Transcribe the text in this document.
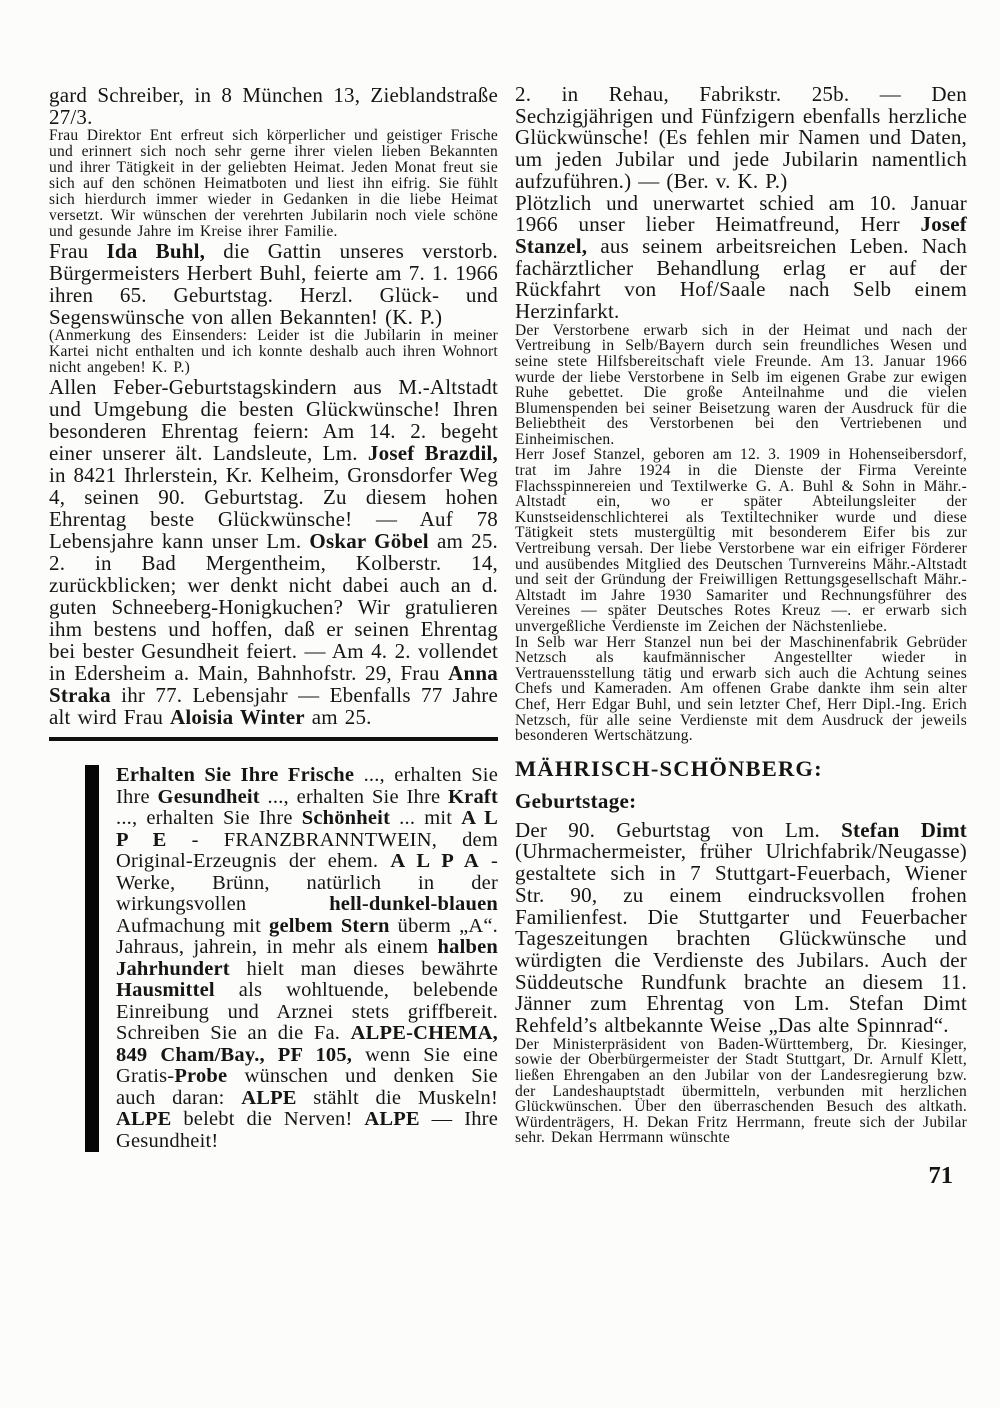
gard Schreiber, in 8 München 13, Zieblandstraße 27/3.

Frau Direktor Ent erfreut sich körperlicher und geistiger Frische und erinnert sich noch sehr gerne ihrer vielen lieben Bekannten und ihrer Tätigkeit in der geliebten Heimat. Jeden Monat freut sie sich auf den schönen Heimatboten und liest ihn eifrig. Sie fühlt sich hierdurch immer wieder in Gedanken in die liebe Heimat versetzt. Wir wünschen der verehrten Jubilarin noch viele schöne und gesunde Jahre im Kreise ihrer Familie.

Frau Ida Buhl, die Gattin unseres verstorb. Bürgermeisters Herbert Buhl, feierte am 7. 1. 1966 ihren 65. Geburtstag. Herzl. Glück- und Segenswünsche von allen Bekannten! (K. P.)

(Anmerkung des Einsenders: Leider ist die Jubilarin in meiner Kartei nicht enthalten und ich konnte deshalb auch ihren Wohnort nicht angeben! K. P.)

Allen Feber-Geburtstagskindern aus M.-Altstadt und Umgebung die besten Glückwünsche! Ihren besonderen Ehrentag feiern: Am 14. 2. begeht einer unserer ält. Landsleute, Lm. Josef Brazdil, in 8421 Ihrlerstein, Kr. Kelheim, Gronsdorfer Weg 4, seinen 90. Geburtstag. Zu diesem hohen Ehrentag beste Glückwünsche! — Auf 78 Lebensjahre kann unser Lm. Oskar Göbel am 25. 2. in Bad Mergentheim, Kolberstr. 14, zurückblicken; wer denkt nicht dabei auch an d. guten Schneeberg-Honigkuchen? Wir gratulieren ihm bestens und hoffen, daß er seinen Ehrentag bei bester Gesundheit feiert. — Am 4. 2. vollendet in Edersheim a. Main, Bahnhofstr. 29, Frau Anna Straka ihr 77. Lebensjahr — Ebenfalls 77 Jahre alt wird Frau Aloisia Winter am 25.

Erhalten Sie Ihre Frische ..., erhalten Sie Ihre Gesundheit ..., erhalten Sie Ihre Kraft ..., erhalten Sie Ihre Schönheit ... mit A L P E - FRANZBRANNTWEIN, dem Original-Erzeugnis der ehem. A L P A - Werke, Brünn, natürlich in der wirkungsvollen hell-dunkel-blauen Aufmachung mit gelbem Stern überm „A“. Jahraus, jahrein, in mehr als einem halben Jahrhundert hielt man dieses bewährte Hausmittel als wohltuende, belebende Einreibung und Arznei stets griffbereit. Schreiben Sie an die Fa. ALPE-CHEMA, 849 Cham/Bay., PF 105, wenn Sie eine Gratis-Probe wünschen und denken Sie auch daran: ALPE stählt die Muskeln! ALPE belebt die Nerven! ALPE — Ihre Gesundheit!

2. in Rehau, Fabrikstr. 25b. — Den Sechzigjährigen und Fünfzigern ebenfalls herzliche Glückwünsche! (Es fehlen mir Namen und Daten, um jeden Jubilar und jede Jubilarin namentlich aufzuführen.) — (Ber. v. K. P.)

Plötzlich und unerwartet schied am 10. Januar 1966 unser lieber Heimatfreund, Herr Josef Stanzel, aus seinem arbeitsreichen Leben. Nach fachärztlicher Behandlung erlag er auf der Rückfahrt von Hof/Saale nach Selb einem Herzinfarkt.

Der Verstorbene erwarb sich in der Heimat und nach der Vertreibung in Selb/Bayern durch sein freundliches Wesen und seine stete Hilfsbereitschaft viele Freunde. Am 13. Januar 1966 wurde der liebe Verstorbene in Selb im eigenen Grabe zur ewigen Ruhe gebettet. Die große Anteilnahme und die vielen Blumenspenden bei seiner Beisetzung waren der Ausdruck für die Beliebtheit des Verstorbenen bei den Vertriebenen und Einheimischen.

Herr Josef Stanzel, geboren am 12. 3. 1909 in Hohenseibersdorf, trat im Jahre 1924 in die Dienste der Firma Vereinte Flachsspinnereien und Textilwerke G. A. Buhl & Sohn in Mähr.-Altstadt ein, wo er später Abteilungsleiter der Kunstseidenschlichterei als Textiltechniker wurde und diese Tätigkeit stets mustergültig mit besonderem Eifer bis zur Vertreibung versah. Der liebe Verstorbene war ein eifriger Förderer und ausübendes Mitglied des Deutschen Turnvereins Mähr.-Altstadt und seit der Gründung der Freiwilligen Rettungsgesellschaft Mähr.-Altstadt im Jahre 1930 Samariter und Rechnungsführer des Vereines — später Deutsches Rotes Kreuz —. er erwarb sich unvergeßliche Verdienste im Zeichen der Nächstenliebe.

In Selb war Herr Stanzel nun bei der Maschinenfabrik Gebrüder Netzsch als kaufmännischer Angestellter wieder in Vertrauensstellung tätig und erwarb sich auch die Achtung seines Chefs und Kameraden. Am offenen Grabe dankte ihm sein alter Chef, Herr Edgar Buhl, und sein letzter Chef, Herr Dipl.-Ing. Erich Netzsch, für alle seine Verdienste mit dem Ausdruck der jeweils besonderen Wertschätzung.

MÄHRISCH-SCHÖNBERG:
Geburtstage:

Der 90. Geburtstag von Lm. Stefan Dimt (Uhrmachermeister, früher Ulrichfabrik/Neugasse) gestaltete sich in 7 Stuttgart-Feuerbach, Wiener Str. 90, zu einem eindrucksvollen frohen Familienfest. Die Stuttgarter und Feuerbacher Tageszeitungen brachten Glückwünsche und würdigten die Verdienste des Jubilars. Auch der Süddeutsche Rundfunk brachte an diesem 11. Jänner zum Ehrentag von Lm. Stefan Dimt Rehfeld’s altbekannte Weise „Das alte Spinnrad“.

Der Ministerpräsident von Baden-Württemberg, Dr. Kiesinger, sowie der Oberbürgermeister der Stadt Stuttgart, Dr. Arnulf Klett, ließen Ehrengaben an den Jubilar von der Landesregierung bzw. der Landeshauptstadt übermitteln, verbunden mit herzlichen Glückwünschen. Über den überraschenden Besuch des altkath. Würdenträgers, H. Dekan Fritz Herrmann, freute sich der Jubilar sehr. Dekan Herrmann wünschte

71
